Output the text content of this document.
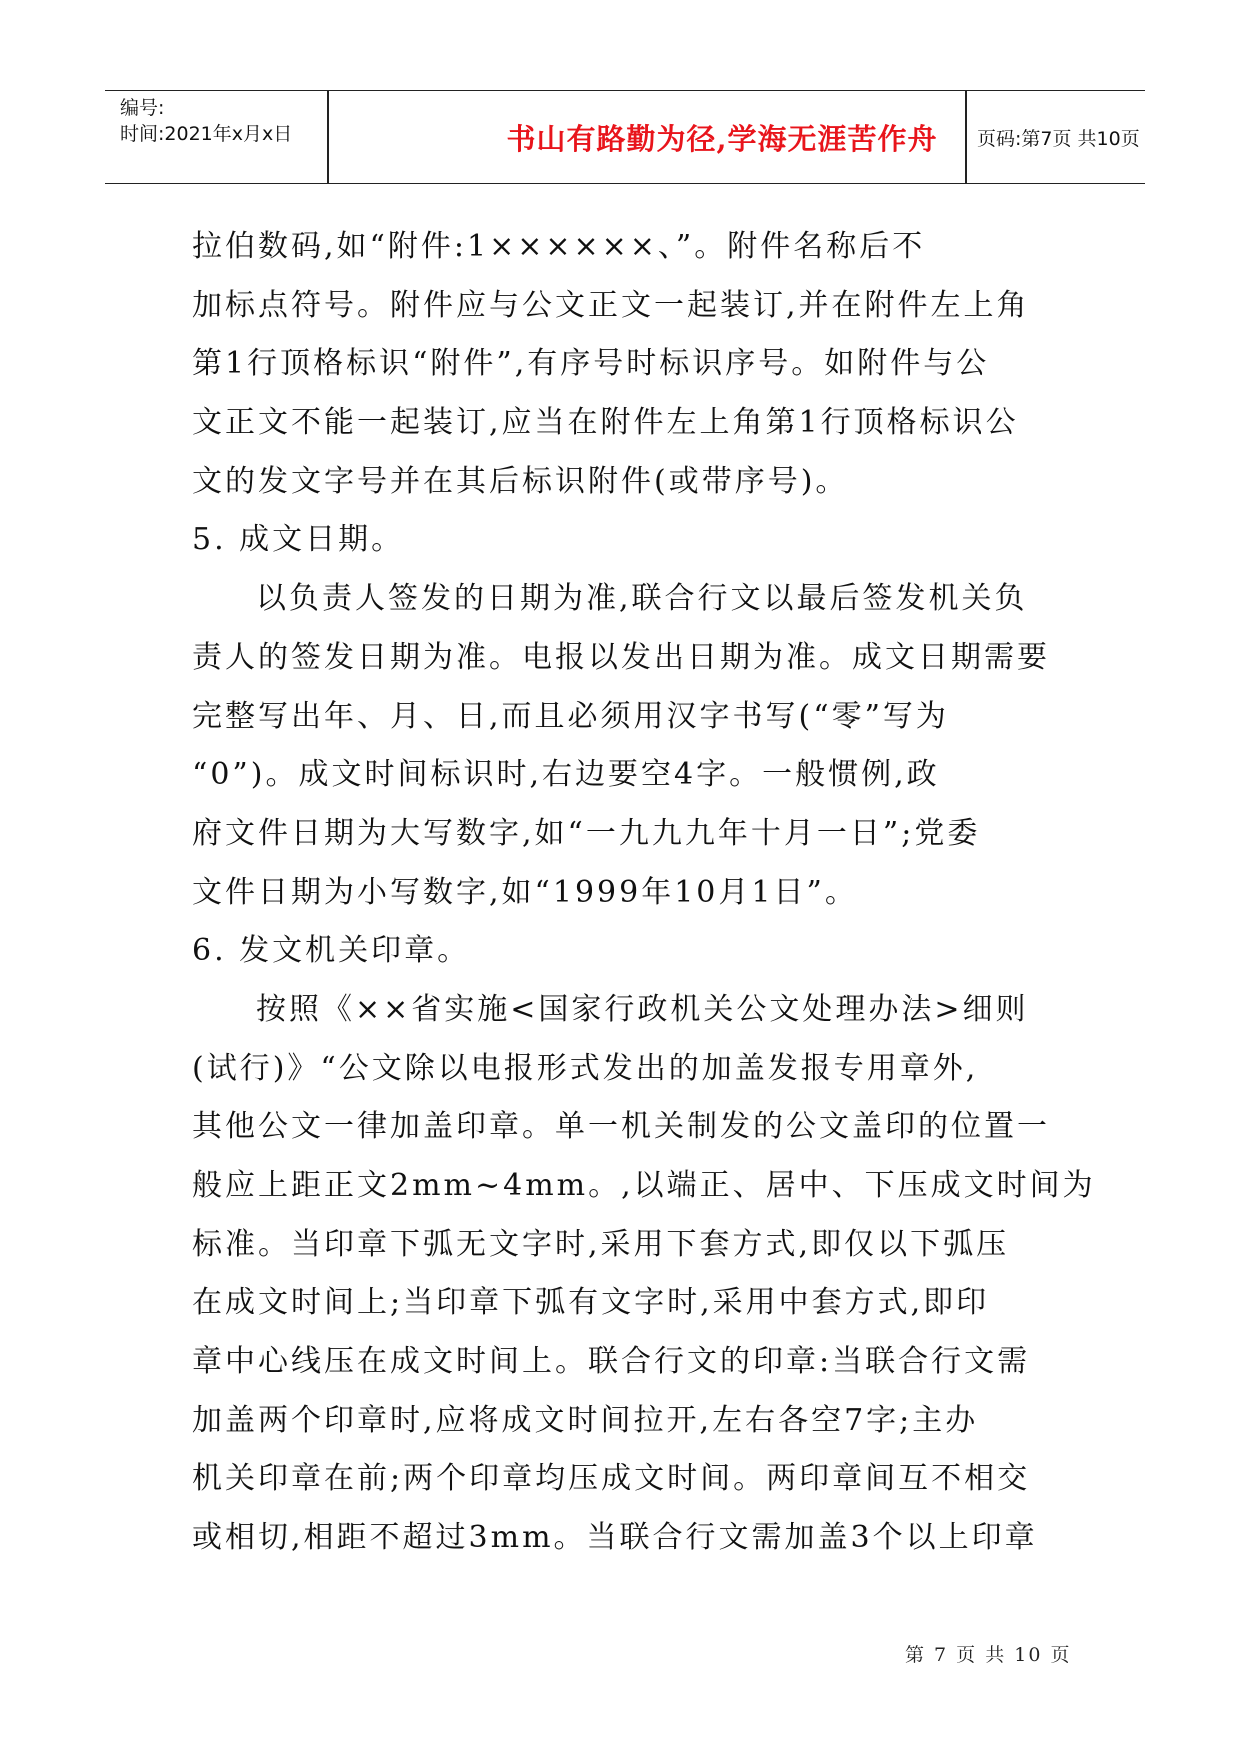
编号:
时间:2021年x月x日	书山有路勤为径,学海无涯苦作舟	页码:第7页 共10页
拉伯数码,如“附件:1××××××、”。附件名称后不
加标点符号。附件应与公文正文一起装订,并在附件左上角
第1行顶格标识“附件”,有序号时标识序号。如附件与公
文正文不能一起装订,应当在附件左上角第1行顶格标识公
文的发文字号并在其后标识附件(或带序号)。
5. 成文日期。
以负责人签发的日期为准,联合行文以最后签发机关负
责人的签发日期为准。电报以发出日期为准。成文日期需要
完整写出年、月、日,而且必须用汉字书写(“零”写为
“0”)。成文时间标识时,右边要空4字。一般惯例,政
府文件日期为大写数字,如“一九九九年十月一日”;党委
文件日期为小写数字,如“1999年10月1日”。
6. 发文机关印章。
按照《××省实施<国家行政机关公文处理办法>细则
(试行)》“公文除以电报形式发出的加盖发报专用章外,
其他公文一律加盖印章。单一机关制发的公文盖印的位置一
般应上距正文2mm~4mm。,以端正、居中、下压成文时间为
标准。当印章下弧无文字时,采用下套方式,即仅以下弧压
在成文时间上;当印章下弧有文字时,采用中套方式,即印
章中心线压在成文时间上。联合行文的印章:当联合行文需
加盖两个印章时,应将成文时间拉开,左右各空7字;主办
机关印章在前;两个印章均压成文时间。两印章间互不相交
或相切,相距不超过3mm。当联合行文需加盖3个以上印章
第 7 页 共 10 页
